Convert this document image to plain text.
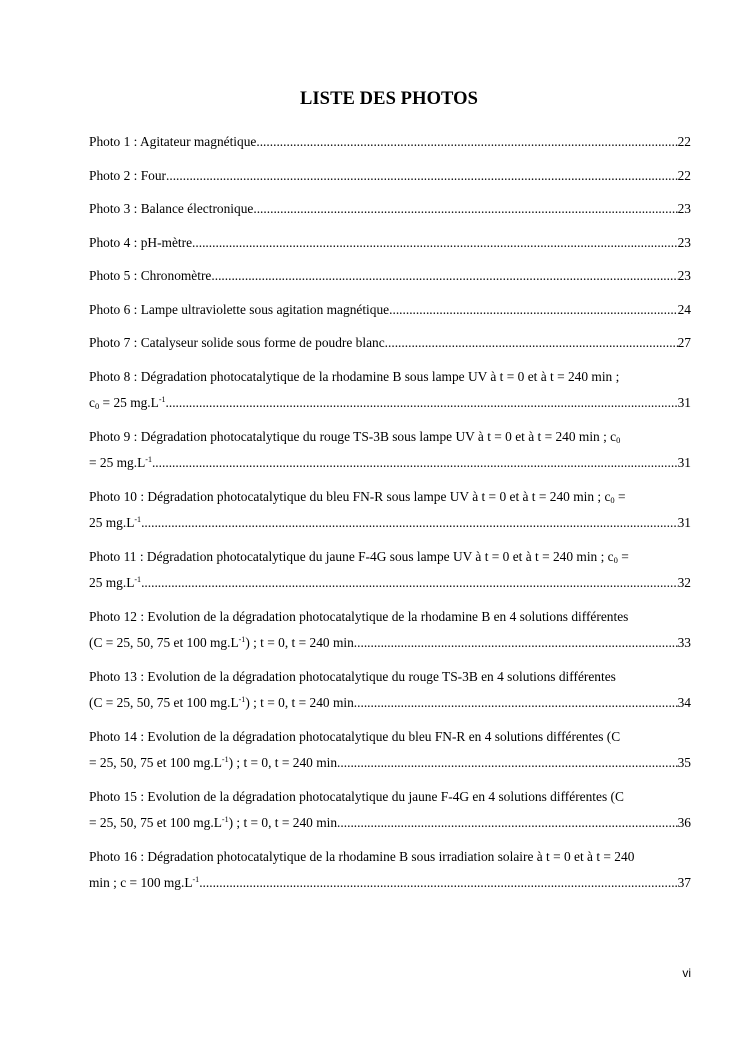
LISTE DES PHOTOS
Photo 1 : Agitateur magnétique .....	22
Photo 2 : Four .....	22
Photo 3 : Balance électronique .....	23
Photo 4 : pH-mètre .....	23
Photo 5 : Chronomètre .....	23
Photo 6 : Lampe ultraviolette sous agitation magnétique .....	24
Photo 7 : Catalyseur solide sous forme de poudre blanc .....	27
Photo 8 : Dégradation photocatalytique de la rhodamine B sous lampe UV à t = 0 et à t = 240 min ;
$c_0 = 25$ $mg.L^{-1}$ .....	31
Photo 9 : Dégradation photocatalytique du rouge TS-3B sous lampe UV à t = 0 et à t = 240 min ; $c_0$
= 25 $mg.L^{-1}$ .....	31
Photo 10 : Dégradation photocatalytique du bleu FN-R sous lampe UV à t = 0 et à t = 240 min ; $c_0$ =
25 $mg.L^{-1}$ .....	31
Photo 11 : Dégradation photocatalytique du jaune F-4G sous lampe UV à t = 0 et à t = 240 min ; $c_0$ =
25 $mg.L^{-1}$ .....	32
Photo 12 : Evolution de la dégradation photocatalytique de la rhodamine B en 4 solutions différentes
(C = 25, 50, 75 et 100 $mg.L^{-1}$) ; t = 0, t = 240 min .....	33
Photo 13 : Evolution de la dégradation photocatalytique du rouge TS-3B en 4 solutions différentes
(C = 25, 50, 75 et 100 $mg.L^{-1}$) ; t = 0, t = 240 min .....	34
Photo 14 : Evolution de la dégradation photocatalytique du bleu FN-R en 4 solutions différentes (C
= 25, 50, 75 et 100 $mg.L^{-1}$) ; t = 0, t = 240 min .....	35
Photo 15 : Evolution de la dégradation photocatalytique du jaune F-4G en 4 solutions différentes (C
= 25, 50, 75 et 100 $mg.L^{-1}$) ; t = 0, t = 240 min .....	36
Photo 16 : Dégradation photocatalytique de la rhodamine B sous irradiation solaire à t = 0 et à t = 240
min ; c = 100 $mg.L^{-1}$ .....	37
vi
